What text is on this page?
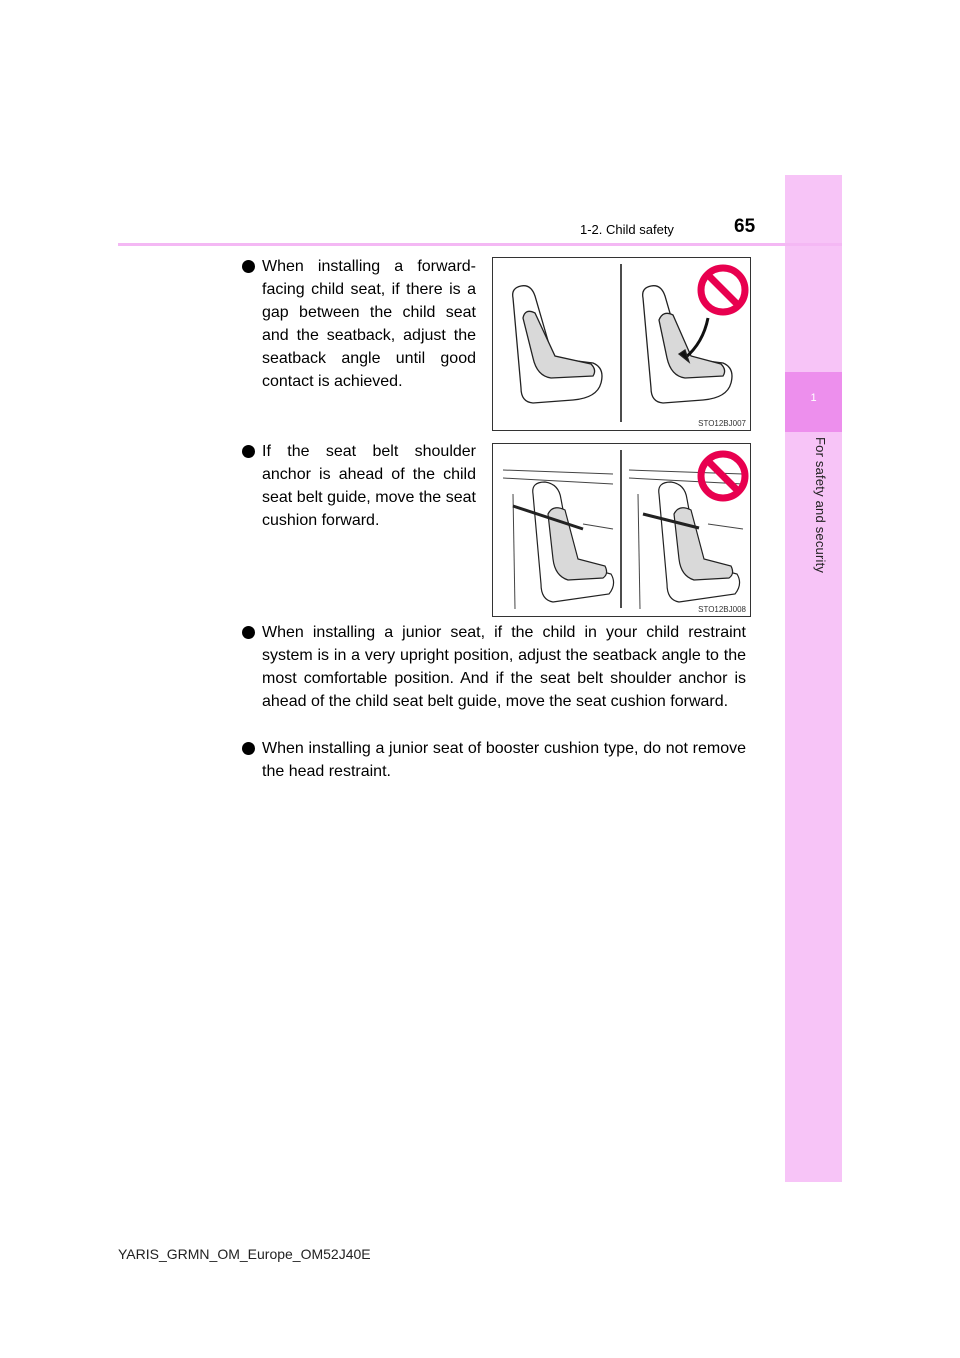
1
For safety and security
1-2. Child safety	65
When installing a forward-facing child seat, if there is a gap between the child seat and the seatback, adjust the seatback angle until good contact is achieved.
STO12BJ007
If the seat belt shoulder anchor is ahead of the child seat belt guide, move the seat cushion forward.
STO12BJ008
When installing a junior seat, if the child in your child restraint system is in a very upright position, adjust the seatback angle to the most comfortable position. And if the seat belt shoulder anchor is ahead of the child seat belt guide, move the seat cushion forward.
When installing a junior seat of booster cushion type, do not remove the head restraint.
YARIS_GRMN_OM_Europe_OM52J40E
